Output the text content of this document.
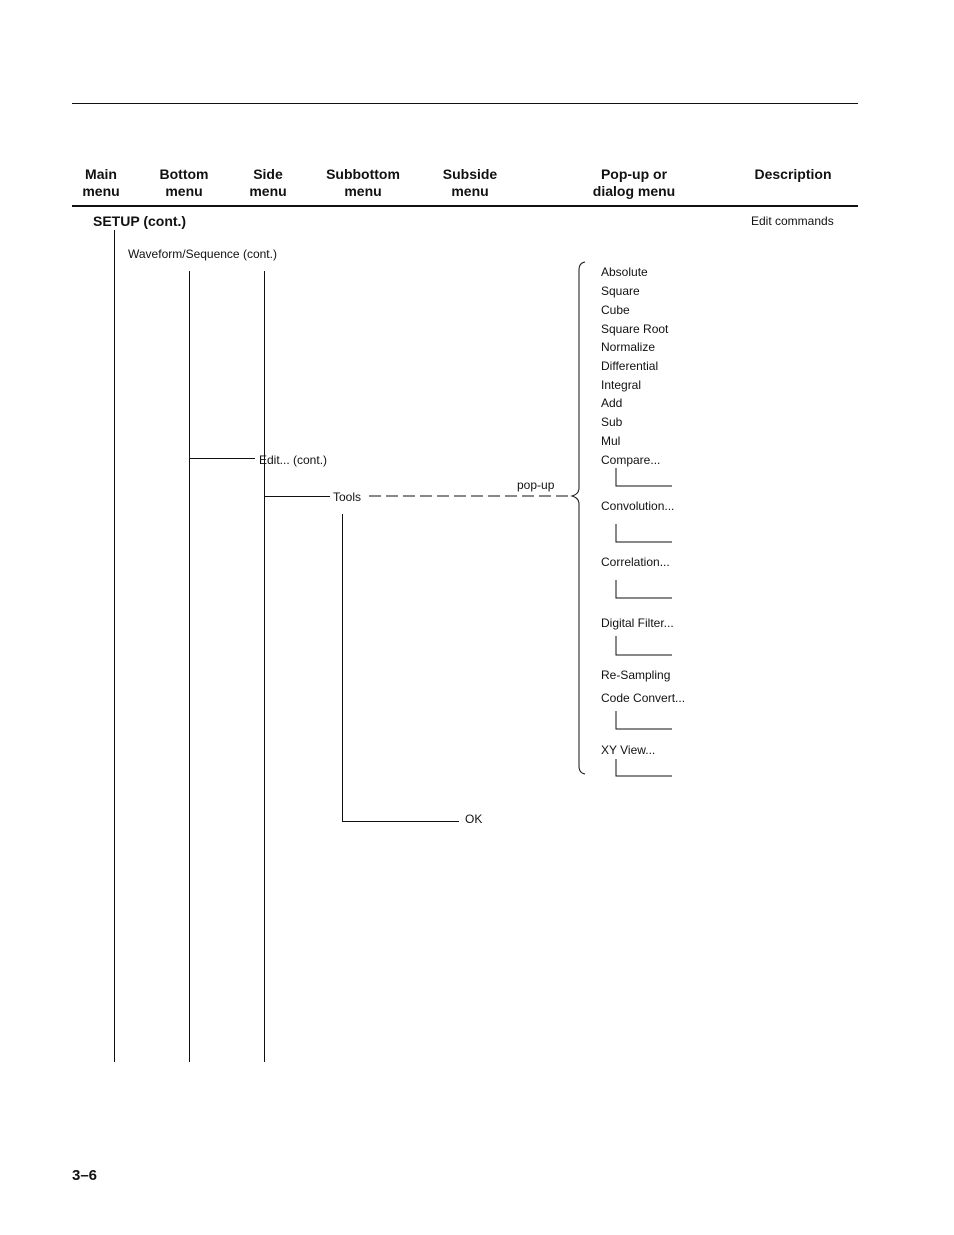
Main
menu
Bottom
menu
Side
menu
Subbottom
menu
Subside
menu
Pop-up or
dialog menu
Description
SETUP (cont.)	Edit commands
Waveform/Sequence (cont.)
Edit... (cont.)
Tools
pop-up
OK
Absolute
Square
Cube
Square Root
Normalize
Differential
Integral
Add
Sub
Mul
Compare...
Convolution...
Correlation...
Digital Filter...
Re-Sampling
Code Convert...
XY View...
3–6
